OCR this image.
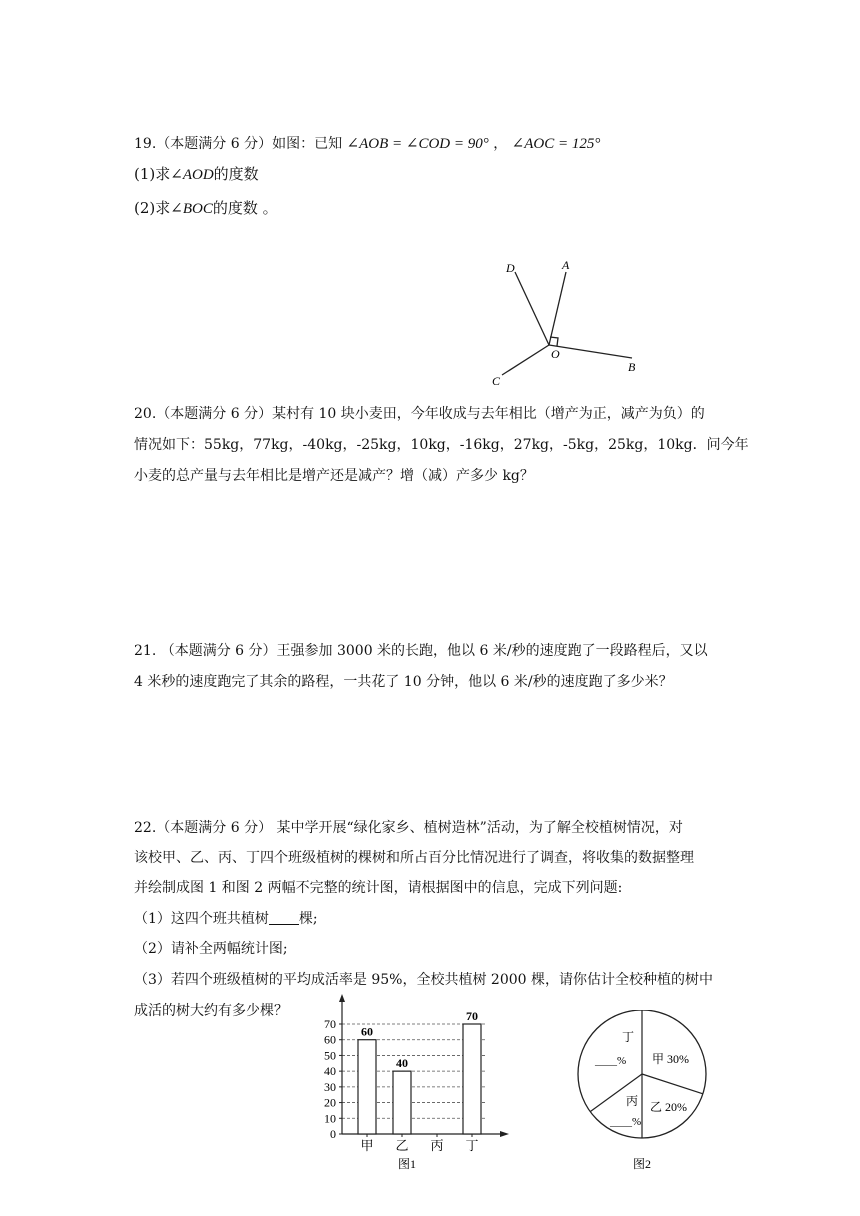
19.（本题满分 6 分）如图：已知 ∠AOB = ∠COD = 90° ， ∠AOC = 125°
(1)求∠AOD的度数
(2)求∠BOC的度数 。
D	A
O
C
B
20.（本题满分 6 分）某村有 10 块小麦田，今年收成与去年相比（增产为正，减产为负）的
情况如下：55kg，77kg，-40kg，-25kg，10kg，-16kg，27kg，-5kg，25kg，10kg．问今年
小麦的总产量与去年相比是增产还是减产？增（减）产多少 kg？
21. （本题满分 6 分）王强参加 3000 米的长跑，他以 6 米/秒的速度跑了一段路程后，又以
4 米秒的速度跑完了其余的路程，一共花了 10 分钟，他以 6 米/秒的速度跑了多少米？
22.（本题满分 6 分） 某中学开展“绿化家乡、植树造林”活动，为了解全校植树情况，对
该校甲、乙、丙、丁四个班级植树的棵树和所占百分比情况进行了调查，将收集的数据整理
并绘制成图 1 和图 2 两幅不完整的统计图，请根据图中的信息，完成下列问题:
（1）这四个班共植树 棵;
（2）请补全两幅统计图;
（3）若四个班级植树的平均成活率是 95%，全校共植树 2000 棵，请你估计全校种植的树中
成活的树大约有多少棵？
0
10
20
30
40
50
60
70
60
甲
40
乙 丙
70
丁
图1
甲 30%
乙 20%
丁
____%
丙
____%
图2
